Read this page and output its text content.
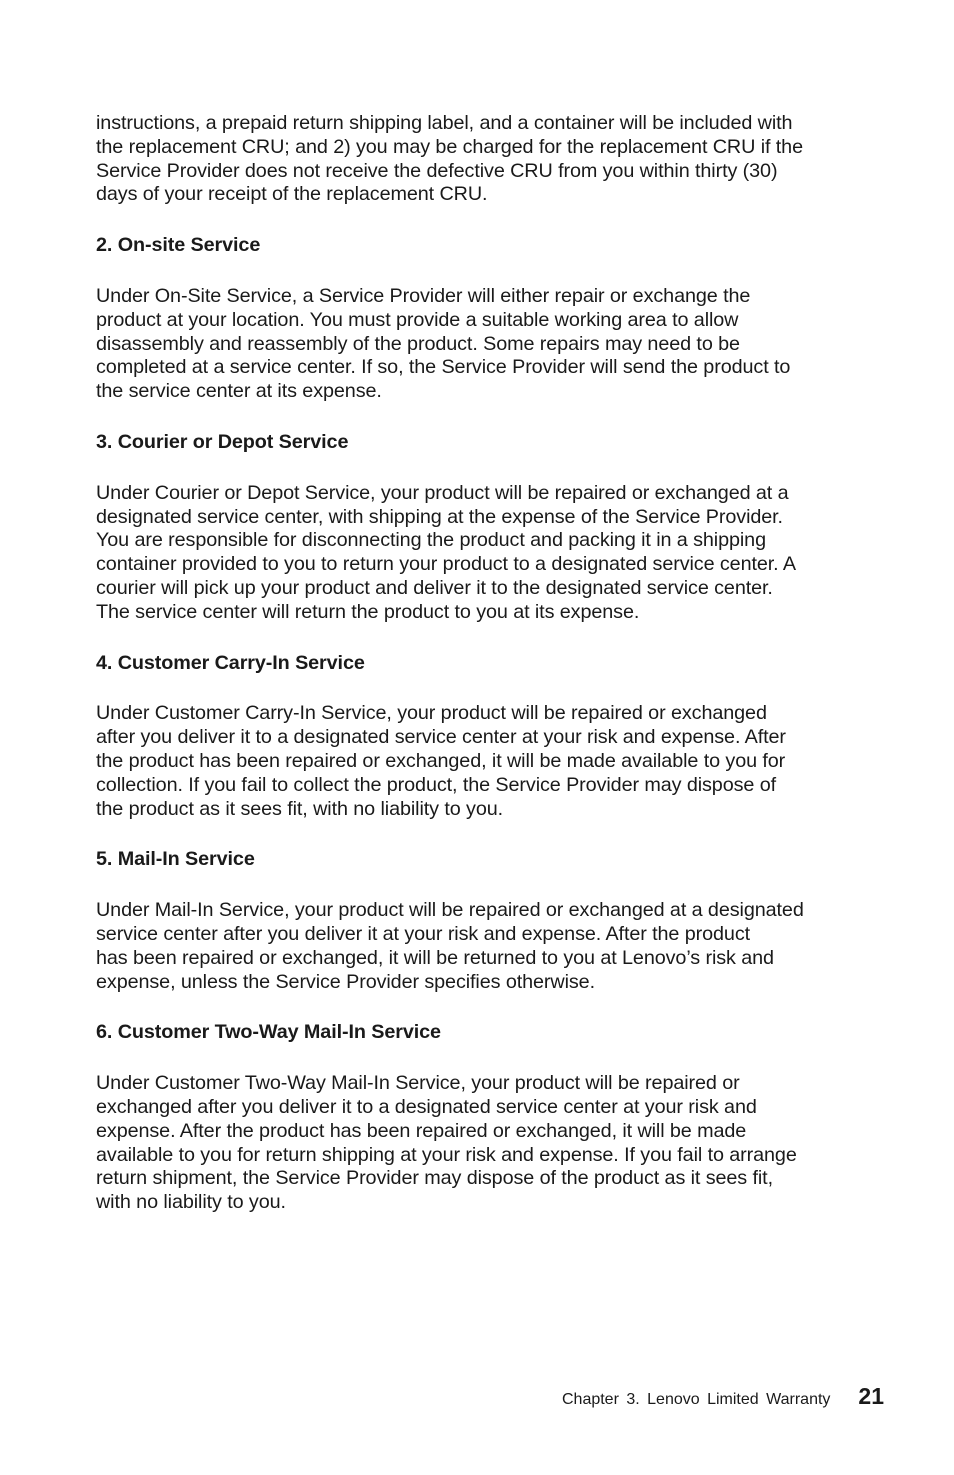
instructions, a prepaid return shipping label, and a container will be included with
the replacement CRU; and 2) you may be charged for the replacement CRU if the
Service Provider does not receive the defective CRU from you within thirty (30)
days of your receipt of the replacement CRU.

2. On-site Service

Under On-Site Service, a Service Provider will either repair or exchange the
product at your location. You must provide a suitable working area to allow
disassembly and reassembly of the product. Some repairs may need to be
completed at a service center. If so, the Service Provider will send the product to
the service center at its expense.

3. Courier or Depot Service

Under Courier or Depot Service, your product will be repaired or exchanged at a
designated service center, with shipping at the expense of the Service Provider.
You are responsible for disconnecting the product and packing it in a shipping
container provided to you to return your product to a designated service center. A
courier will pick up your product and deliver it to the designated service center.
The service center will return the product to you at its expense.

4. Customer Carry-In Service

Under Customer Carry-In Service, your product will be repaired or exchanged
after you deliver it to a designated service center at your risk and expense. After
the product has been repaired or exchanged, it will be made available to you for
collection. If you fail to collect the product, the Service Provider may dispose of
the product as it sees fit, with no liability to you.

5. Mail-In Service

Under Mail-In Service, your product will be repaired or exchanged at a designated
service center after you deliver it at your risk and expense. After the product
has been repaired or exchanged, it will be returned to you at Lenovo’s risk and
expense, unless the Service Provider specifies otherwise.

6. Customer Two-Way Mail-In Service

Under Customer Two-Way Mail-In Service, your product will be repaired or
exchanged after you deliver it to a designated service center at your risk and
expense. After the product has been repaired or exchanged, it will be made
available to you for return shipping at your risk and expense. If you fail to arrange
return shipment, the Service Provider may dispose of the product as it sees fit,
with no liability to you.

Chapter 3. Lenovo Limited Warranty 21
